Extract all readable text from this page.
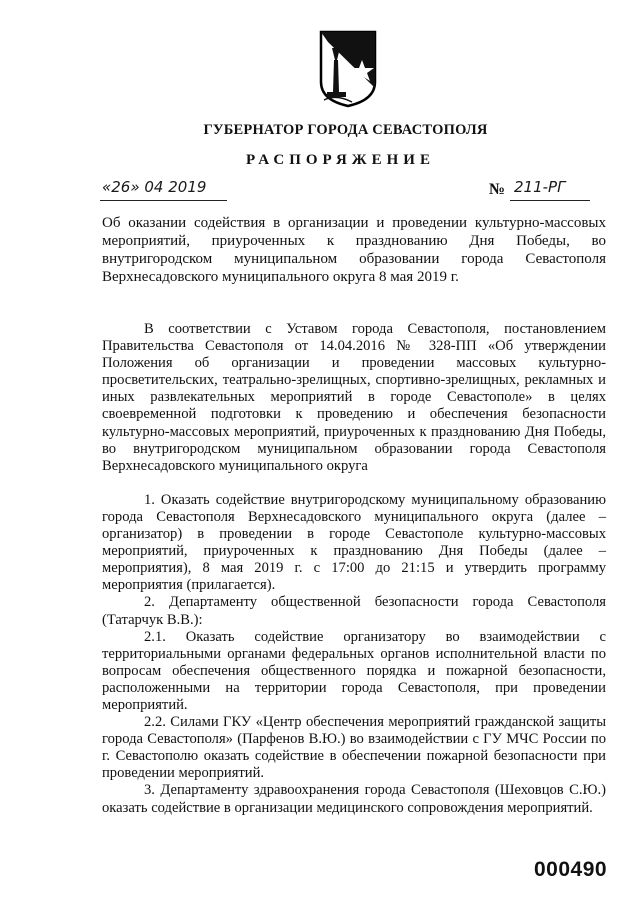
ГУБЕРНАТОР ГОРОДА СЕВАСТОПОЛЯ
РАСПОРЯЖЕНИЕ
«26» 04 2019	№ 211-РГ
Об оказании содействия в организации и проведении культурно-массовых мероприятий, приуроченных к празднованию Дня Победы, во внутригородском муниципальном образовании города Севастополя Верхнесадовского муниципального округа 8 мая 2019 г.

В соответствии с Уставом города Севастополя, постановлением Правительства Севастополя от 14.04.2016 № 328-ПП «Об утверждении Положения об организации и проведении массовых культурно-просветительских, театрально-зрелищных, спортивно-зрелищных, рекламных и иных развлекательных мероприятий в городе Севастополе» в целях своевременной подготовки к проведению и обеспечения безопасности культурно-массовых мероприятий, приуроченных к празднованию Дня Победы, во внутригородском муниципальном образовании города Севастополя Верхнесадовского муниципального округа

1. Оказать содействие внутригородскому муниципальному образованию города Севастополя Верхнесадовского муниципального округа (далее – организатор) в проведении в городе Севастополе культурно-массовых мероприятий, приуроченных к празднованию Дня Победы (далее – мероприятия), 8 мая 2019 г. с 17:00 до 21:15 и утвердить программу мероприятия (прилагается).

2. Департаменту общественной безопасности города Севастополя (Татарчук В.В.):

2.1. Оказать содействие организатору во взаимодействии с территориальными органами федеральных органов исполнительной власти по вопросам обеспечения общественного порядка и пожарной безопасности, расположенными на территории города Севастополя, при проведении мероприятий.

2.2. Силами ГКУ «Центр обеспечения мероприятий гражданской защиты города Севастополя» (Парфенов В.Ю.) во взаимодействии с ГУ МЧС России по г. Севастополю оказать содействие в обеспечении пожарной безопасности при проведении мероприятий.

3. Департаменту здравоохранения города Севастополя (Шеховцов С.Ю.) оказать содействие в организации медицинского сопровождения мероприятий.

000490
